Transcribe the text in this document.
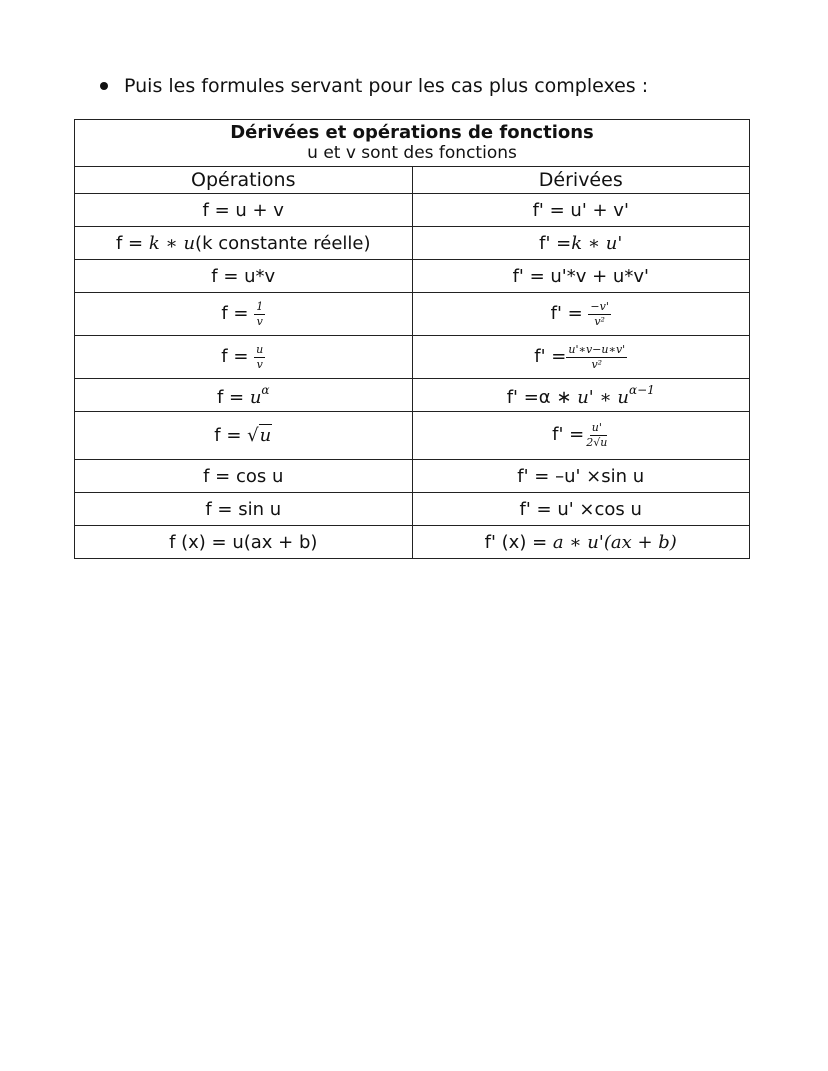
Puis les formules servant pour les cas plus complexes :
Dérivées et opérations de fonctions
u et v sont des fonctions	

Opérations	Dérivées
f = u + v	f' = u' + v'
f = k ∗ u(k constante réelle)	f' =k ∗ u'
f = u*v	f' = u'*v + u*v'
$f = \frac{1}{v}$	$f' = \frac{-v'}{\text{v²}}$

$f = \frac{u}{v}$	$f' = \frac{u'∗v-u∗v'}{\text{v²}}$

$f = u^\alpha$	f' =α ∗ u' ∗ $u^{\alpha-1}$
f = √u	$f' = \frac{u'}{2√u}$

f = cos u	f' = –u' ×sin u
f = sin u	f' = u' ×cos u
f (x) = u(ax + b)	f' (x) = a ∗ u'(ax + b)
